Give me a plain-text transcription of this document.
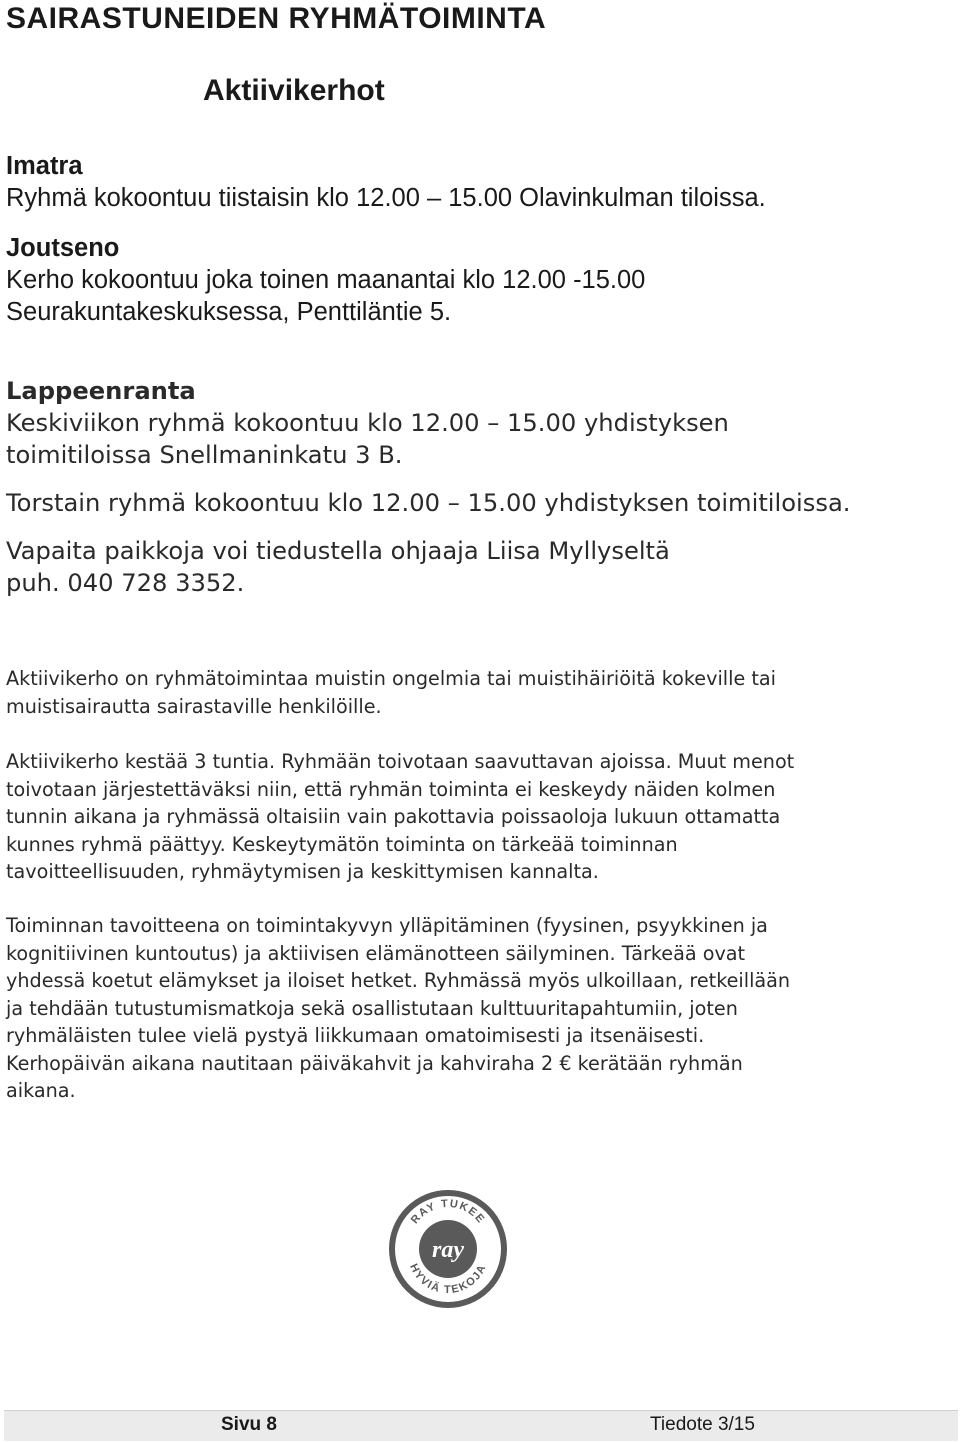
SAIRASTUNEIDEN RYHMÄTOIMINTA
Aktiivikerhot
Imatra

Ryhmä kokoontuu tiistaisin klo 12.00 – 15.00 Olavinkulman tiloissa.

Joutseno

Kerho kokoontuu joka toinen maanantai klo 12.00 -15.00

Seurakuntakeskuksessa, Penttiläntie 5.

Lappeenranta

Keskiviikon ryhmä kokoontuu klo 12.00 – 15.00 yhdistyksen

toimitiloissa Snellmaninkatu 3 B.

Torstain ryhmä kokoontuu klo 12.00 – 15.00 yhdistyksen toimitiloissa.

Vapaita paikkoja voi tiedustella ohjaaja Liisa Myllyseltä

puh. 040 728 3352.

Aktiivikerho on ryhmätoimintaa muistin ongelmia tai muistihäiriöitä kokeville tai
muistisairautta sairastaville henkilöille.
Aktiivikerho kestää 3 tuntia. Ryhmään toivotaan saavuttavan ajoissa. Muut menot
toivotaan järjestettäväksi niin, että ryhmän toiminta ei keskeydy näiden kolmen
tunnin aikana ja ryhmässä oltaisiin vain pakottavia poissaoloja lukuun ottamatta
kunnes ryhmä päättyy. Keskeytymätön toiminta on tärkeää toiminnan
tavoitteellisuuden, ryhmäytymisen ja keskittymisen kannalta.
Toiminnan tavoitteena on toimintakyvyn ylläpitäminen (fyysinen, psyykkinen ja
kognitiivinen kuntoutus) ja aktiivisen elämänotteen säilyminen. Tärkeää ovat
yhdessä koetut elämykset ja iloiset hetket. Ryhmässä myös ulkoillaan, retkeillään
ja tehdään tutustumismatkoja sekä osallistutaan kulttuuritapahtumiin, joten
ryhmäläisten tulee vielä pystyä liikkumaan omatoimisesti ja itsenäisesti.
Kerhopäivän aikana nautitaan päiväkahvit ja kahviraha 2 € kerätään ryhmän
aikana.
RAY TUKEE
HYVIÄ TEKOJA
ray
Sivu 8	Tiedote 3/15
